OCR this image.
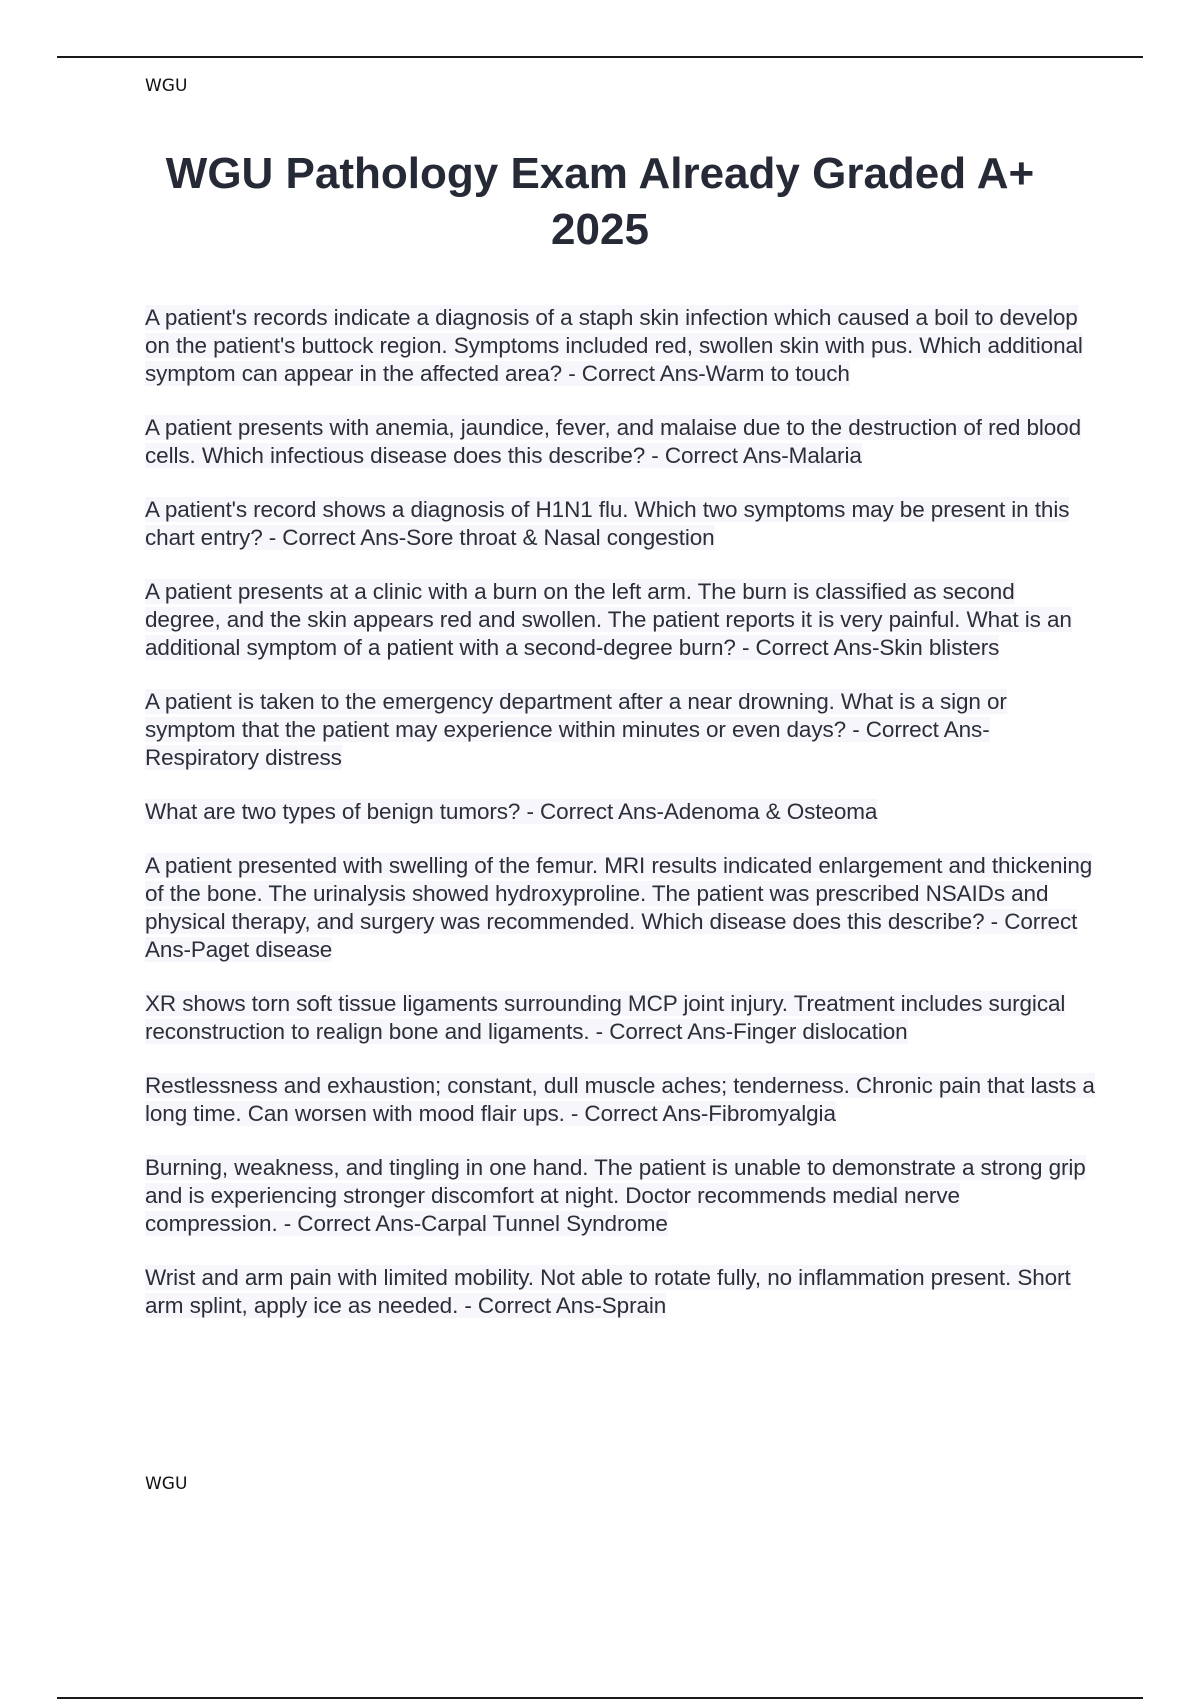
WGU
WGU Pathology Exam Already Graded A+ 2025
A patient's records indicate a diagnosis of a staph skin infection which caused a boil to develop on the patient's buttock region. Symptoms included red, swollen skin with pus. Which additional symptom can appear in the affected area? - Correct Ans-Warm to touch
A patient presents with anemia, jaundice, fever, and malaise due to the destruction of red blood cells. Which infectious disease does this describe? - Correct Ans-Malaria
A patient's record shows a diagnosis of H1N1 flu. Which two symptoms may be present in this chart entry? - Correct Ans-Sore throat & Nasal congestion
A patient presents at a clinic with a burn on the left arm. The burn is classified as second degree, and the skin appears red and swollen. The patient reports it is very painful. What is an additional symptom of a patient with a second-degree burn? - Correct Ans-Skin blisters
A patient is taken to the emergency department after a near drowning. What is a sign or symptom that the patient may experience within minutes or even days? - Correct Ans-Respiratory distress
What are two types of benign tumors? - Correct Ans-Adenoma & Osteoma
A patient presented with swelling of the femur. MRI results indicated enlargement and thickening of the bone. The urinalysis showed hydroxyproline. The patient was prescribed NSAIDs and physical therapy, and surgery was recommended. Which disease does this describe? - Correct Ans-Paget disease
XR shows torn soft tissue ligaments surrounding MCP joint injury. Treatment includes surgical reconstruction to realign bone and ligaments. - Correct Ans-Finger dislocation
Restlessness and exhaustion; constant, dull muscle aches; tenderness. Chronic pain that lasts a long time. Can worsen with mood flair ups. - Correct Ans-Fibromyalgia
Burning, weakness, and tingling in one hand. The patient is unable to demonstrate a strong grip and is experiencing stronger discomfort at night. Doctor recommends medial nerve compression. - Correct Ans-Carpal Tunnel Syndrome
Wrist and arm pain with limited mobility. Not able to rotate fully, no inflammation present. Short arm splint, apply ice as needed. - Correct Ans-Sprain
WGU
